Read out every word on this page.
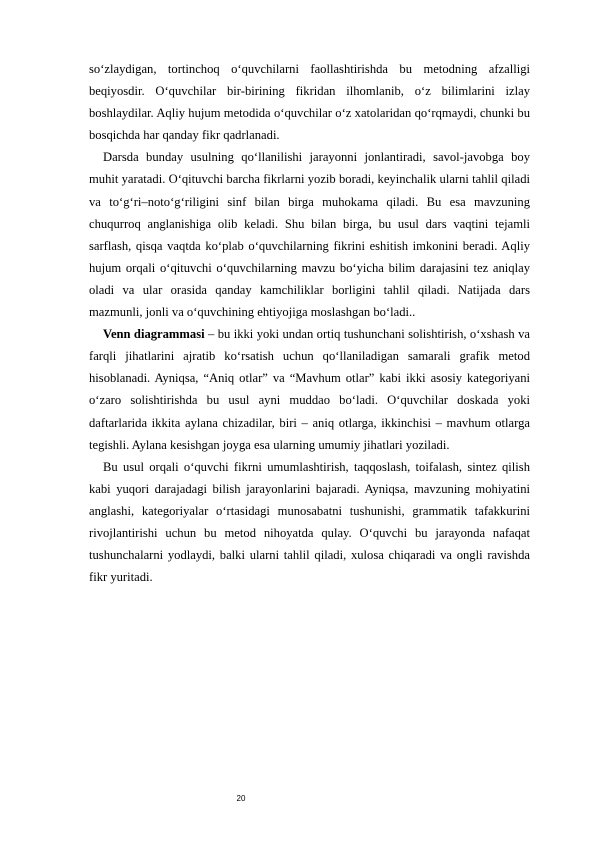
so‘zlaydigan, tortinchoq o‘quvchilarni faollashtirishda bu metodning afzalligi beqiyosdir. O‘quvchilar bir-birining fikridan ilhomlanib, o‘z bilimlarini izlay boshlaydilar. Aqliy hujum metodida o‘quvchilar o‘z xatolaridan qo‘rqmaydi, chunki bu bosqichda har qanday fikr qadrlanadi.

Darsda bunday usulning qo‘llanilishi jarayonni jonlantiradi, savol-javobga boy muhit yaratadi. O‘qituvchi barcha fikrlarni yozib boradi, keyinchalik ularni tahlil qiladi va to‘g‘ri–noto‘g‘riligini sinf bilan birga muhokama qiladi. Bu esa mavzuning chuqurroq anglanishiga olib keladi. Shu bilan birga, bu usul dars vaqtini tejamli sarflash, qisqa vaqtda ko‘plab o‘quvchilarning fikrini eshitish imkonini beradi. Aqliy hujum orqali o‘qituvchi o‘quvchilarning mavzu bo‘yicha bilim darajasini tez aniqlay oladi va ular orasida qanday kamchiliklar borligini tahlil qiladi. Natijada dars mazmunli, jonli va o‘quvchining ehtiyojiga moslashgan bo‘ladi..

Venn diagrammasi – bu ikki yoki undan ortiq tushunchani solishtirish, o‘xshash va farqli jihatlarini ajratib ko‘rsatish uchun qo‘llaniladigan samarali grafik metod hisoblanadi. Ayniqsa, “Aniq otlar” va “Mavhum otlar” kabi ikki asosiy kategoriyani o‘zaro solishtirishda bu usul ayni muddao bo‘ladi. O‘quvchilar doskada yoki daftarlarida ikkita aylana chizadilar, biri – aniq otlarga, ikkinchisi – mavhum otlarga tegishli. Aylana kesishgan joyga esa ularning umumiy jihatlari yoziladi.

Bu usul orqali o‘quvchi fikrni umumlashtirish, taqqoslash, toifalash, sintez qilish kabi yuqori darajadagi bilish jarayonlarini bajaradi. Ayniqsa, mavzuning mohiyatini anglashi, kategoriyalar o‘rtasidagi munosabatni tushunishi, grammatik tafakkurini rivojlantirishi uchun bu metod nihoyatda qulay. O‘quvchi bu jarayonda nafaqat tushunchalarni yodlaydi, balki ularni tahlil qiladi, xulosa chiqaradi va ongli ravishda fikr yuritadi.

20
